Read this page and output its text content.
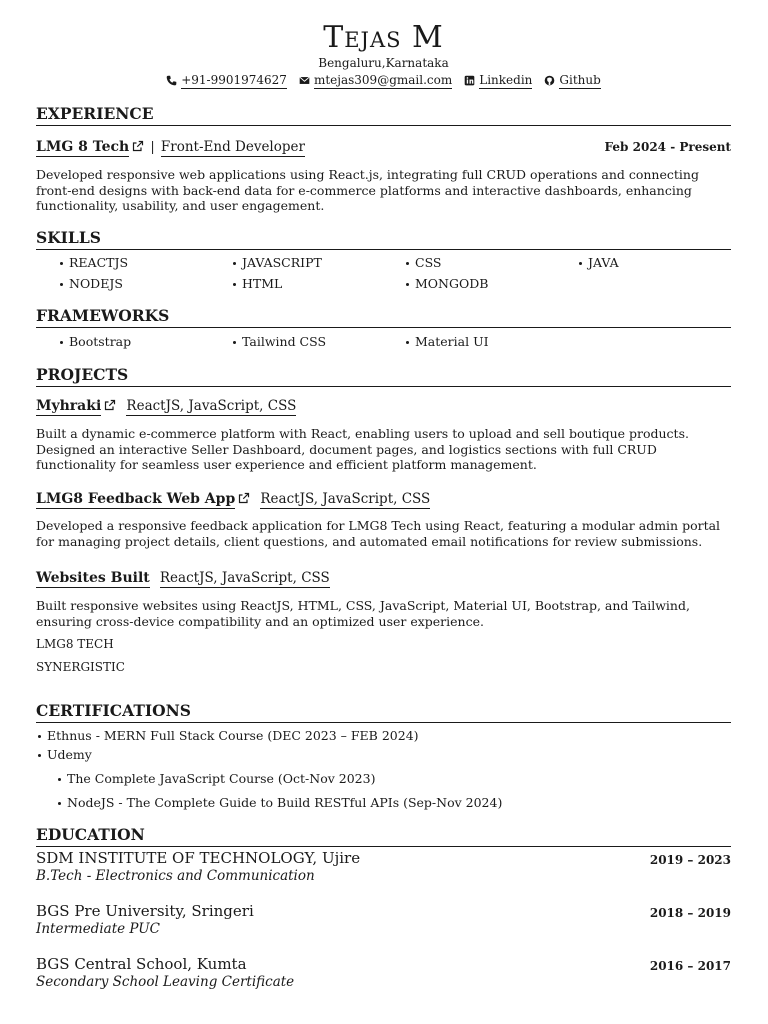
Tejas M
Bengaluru,Karnataka
+91-9901974627 mtejas309@gmail.com Linkedin Github
EXPERIENCE
LMG 8 Tech | Front-End Developer	Feb 2024 - Present
Developed responsive web applications using React.js, integrating full CRUD operations and connecting front-end designs with back-end data for e-commerce platforms and interactive dashboards, enhancing functionality, usability, and user engagement.
SKILLS
REACTJS	JAVASCRIPT	CSS	JAVA
NODEJS	HTML	MONGODB
FRAMEWORKS
Bootstrap	Tailwind CSS	Material UI
PROJECTS
Myhraki ReactJS, JavaScript, CSS
Built a dynamic e-commerce platform with React, enabling users to upload and sell boutique products. Designed an interactive Seller Dashboard, document pages, and logistics sections with full CRUD functionality for seamless user experience and efficient platform management.
LMG8 Feedback Web App ReactJS, JavaScript, CSS
Developed a responsive feedback application for LMG8 Tech using React, featuring a modular admin portal for managing project details, client questions, and automated email notifications for review submissions.
Websites Built ReactJS, JavaScript, CSS
Built responsive websites using ReactJS, HTML, CSS, JavaScript, Material UI, Bootstrap, and Tailwind, ensuring cross-device compatibility and an optimized user experience.
LMG8 TECH
SYNERGISTIC
CERTIFICATIONS
Ethnus - MERN Full Stack Course (DEC 2023 – FEB 2024)
Udemy
The Complete JavaScript Course (Oct-Nov 2023)
NodeJS - The Complete Guide to Build RESTful APIs (Sep-Nov 2024)
EDUCATION
SDM INSTITUTE OF TECHNOLOGY, Ujire	2019 – 2023
B.Tech - Electronics and Communication
BGS Pre University, Sringeri	2018 – 2019
Intermediate PUC
BGS Central School, Kumta	2016 – 2017
Secondary School Leaving Certificate
